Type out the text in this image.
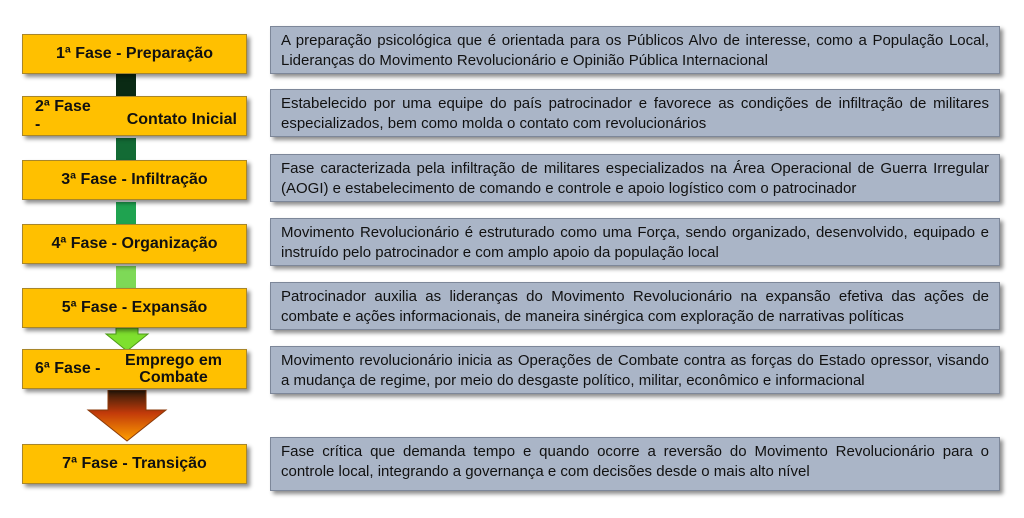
1ª Fase - Preparação
A preparação psicológica que é orientada para os Públicos Alvo de interesse, como a População Local, Lideranças do Movimento Revolucionário e Opinião Pública Internacional
2ª Fase -	Contato Inicial
Estabelecido por uma equipe do país patrocinador e favorece as condições de infiltração de militares especializados, bem como molda o contato com revolucionários
3ª Fase - Infiltração
Fase caracterizada pela infiltração de militares especializados na Área Operacional de Guerra Irregular (AOGI) e estabelecimento de comando e controle e apoio logístico com o patrocinador
4ª Fase - Organização
Movimento Revolucionário é estruturado como uma Força, sendo organizado, desenvolvido, equipado e instruído pelo patrocinador e com amplo apoio da população local
5ª Fase - Expansão
Patrocinador auxilia as lideranças do Movimento Revolucionário na expansão efetiva das ações de combate e ações informacionais, de maneira sinérgica com exploração de narrativas políticas
6ª Fase -	Emprego em Combate
Movimento revolucionário inicia as Operações de Combate contra as forças do Estado opressor, visando a mudança de regime, por meio do desgaste político, militar, econômico e informacional
7ª Fase - Transição
Fase crítica que demanda tempo e quando ocorre a reversão do Movimento Revolucionário para o controle local, integrando a governança e com decisões desde o mais alto nível
